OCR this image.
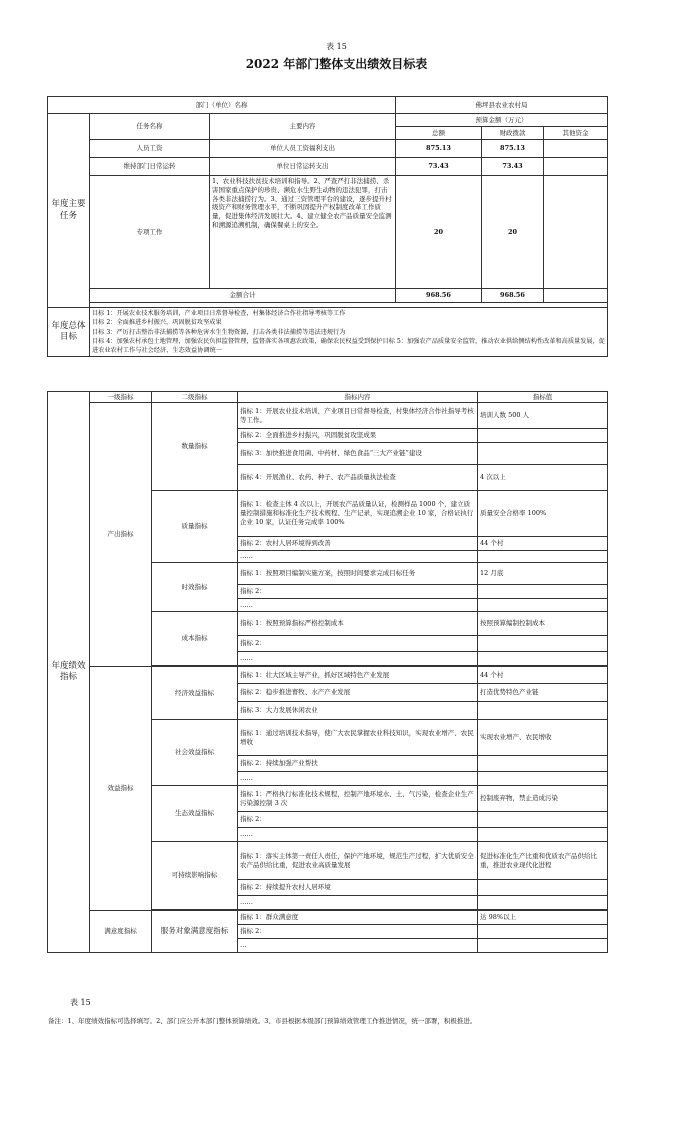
表 15
2022 年部门整体支出绩效目标表
部门（单位）名称			佛坪县农业农村局		
年度主要任务	任务名称	主要内容	预算金额（万元）		
			总额	财政拨款	其他资金
	人员工资	单位人员工资福利支出	875.13	875.13	
	维持部门日常运转	单位日常运转支出	73.43	73.43	
	专项工作	1、农业科技扶贫技术培训和指导。2、严查严打非法捕捞、杀害国家重点保护的珍贵、濒危水生野生动物的违法犯罪，打击各类非法捕捞行为。3、通过三资管理平台的建设，逐步提升村级资产和财务管理水平，不断巩固提升产权制度改革工作质量，促进集体经济发展壮大。4、建立健全农产品质量安全监测和溯源追溯机制，确保餐桌上的安全。	20	20	
	金额合计		968.56	968.56	

年度总体目标	目标 1：开展农业技术服务培训，产业项目日常督导检查，村集体经济合作社指导考核等工作
目标 2：全面推进乡村振兴，巩固脱贫攻坚成果
目标 3：严厉打击整治非法捕捞等各种危害水生生物资源，打击各类非法捕捞等违法违规行为
目标 4：加强农村承包土地管理，加强农民负担监督管理，监督落实各项惠农政策，确保农民权益受到保护目标 5：加强农产品质量安全监管，推动农业供给侧结构性改革和高质量发展，促进农业农村工作与社会经济、生态效益协调统一				
年度绩效指标	一级指标	二级指标	指标内容	指标值
	产出指标	数量指标	指标 1：开展农业技术培训，产业项目日常督导检查，村集体经济合作社指导考核等工作。	培训人数 500 人
			指标 2：全面推进乡村振兴，巩固脱贫攻坚成果	
			指标 3：加快推进食用菌、中药材、绿色食品“三大产业链”建设	
			指标 4：开展渔业、农药、种子、农产品质量执法检查	4 次以上
		质量指标	指标 1：检查主体 4 次以上，开展农产品质量认证，检测样品 1000 个，建立质量控制措施和标准化生产技术规程、生产记录，实现追溯企业 10 家，合格证执行企业 10 家，认证任务完成率 100%	质量安全合格率 100%
			指标 2：农村人居环境得到改善	44 个村
			……	
		时效指标	指标 1：按照项目编制实施方案，按照时间要求完成目标任务	12 月底
			指标 2：	
			……	
		成本指标	指标 1：按照预算指标严格控制成本	按照预算编制控制成本
			指标 2：	
			……	

	效益指标	经济效益指标	指标 1：壮大区域主导产业，抓好区域特色产业发展	44 个村
			指标 2：稳步推进畜牧、水产产业发展	打造优势特色产业链
			指标 3：大力发展休闲农业	
		社会效益指标	指标 1：通过培训技术指导，使广大农民掌握农业科技知识，实现农业增产、农民增收	实现农业增产、农民增收
			指标 2：持续加强产业帮扶	
			……	
		生态效益指标	指标 1：严格执行标准化技术规程，控制产地环境水、土、气污染，检查企业生产污染源控制 3 次	控制废弃物，禁止造成污染
			指标 2：	
			……	
		可持续影响指标	指标 1：落实主体第一责任人责任，保护产地环境，规范生产过程，扩大优质安全农产品供给比重，促进农业高质量发展	促进标准化生产比重和优质农产品供给比重，推进农业现代化进程
			指标 2：持续提升农村人居环境	
			……	

	满意度指标	服务对象满意度指标	指标 1：群众满意度	达 98%以上
			指标 2：	
			…	
表 15
备注：1、年度绩效指标可选择填写。2、部门应公开本部门整体预算绩效。3、市县根据本级部门预算绩效管理工作推进情况，统一部署，积极推进。
